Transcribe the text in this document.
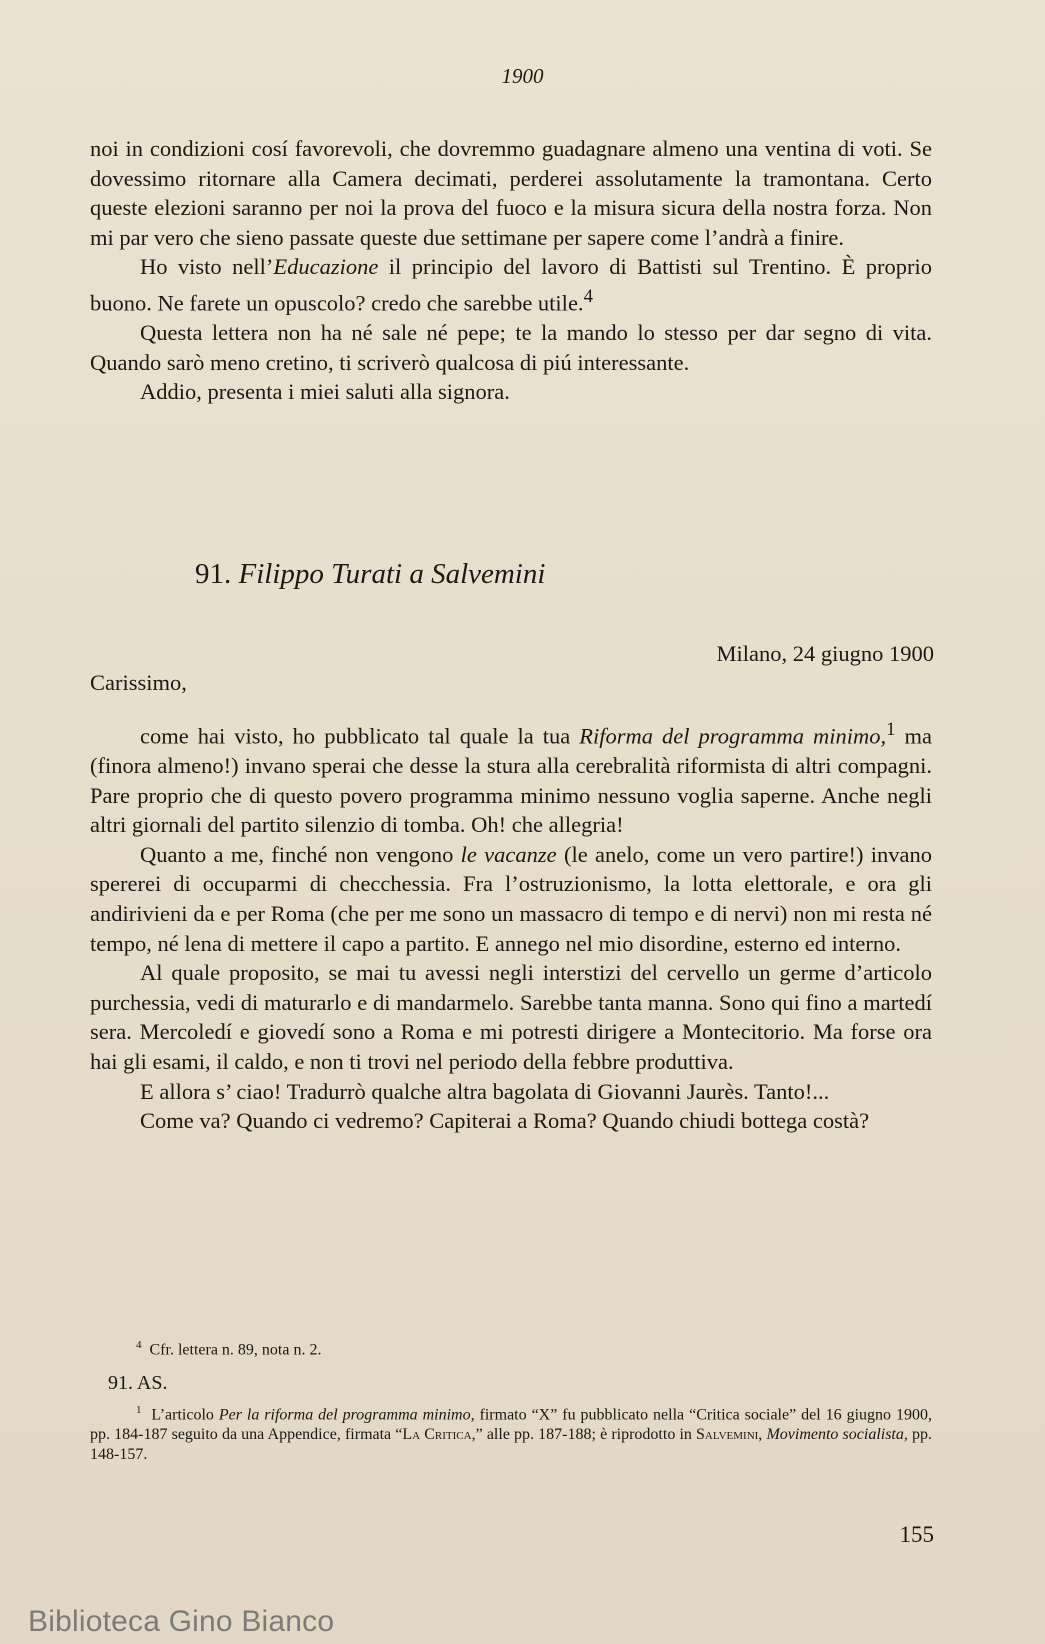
1900

noi in condizioni cosí favorevoli, che dovremmo guadagnare almeno una ventina di voti. Se dovessimo ritornare alla Camera decimati, perderei assolutamente la tramontana. Certo queste elezioni saranno per noi la prova del fuoco e la misura sicura della nostra forza. Non mi par vero che sieno passate queste due settimane per sapere come l’andrà a finire.

Ho visto nell’Educazione il principio del lavoro di Battisti sul Trentino. È proprio buono. Ne farete un opuscolo? credo che sarebbe utile.$^4$

Questa lettera non ha né sale né pepe; te la mando lo stesso per dar segno di vita. Quando sarò meno cretino, ti scriverò qualcosa di piú interessante.

Addio, presenta i miei saluti alla signora.

91. Filippo Turati a Salvemini
Milano, 24 giugno 1900
Carissimo,

come hai visto, ho pubblicato tal quale la tua Riforma del programma minimo,$^1$ ma (finora almeno!) invano sperai che desse la stura alla cerebralità riformista di altri compagni. Pare proprio che di questo povero programma minimo nessuno voglia saperne. Anche negli altri giornali del partito silenzio di tomba. Oh! che allegria!

Quanto a me, finché non vengono le vacanze (le anelo, come un vero partire!) invano spererei di occuparmi di checchessia. Fra l’ostruzionismo, la lotta elettorale, e ora gli andirivieni da e per Roma (che per me sono un massacro di tempo e di nervi) non mi resta né tempo, né lena di mettere il capo a partito. E annego nel mio disordine, esterno ed interno.

Al quale proposito, se mai tu avessi negli interstizi del cervello un germe d’articolo purchessia, vedi di maturarlo e di mandarmelo. Sarebbe tanta manna. Sono qui fino a martedí sera. Mercoledí e giovedí sono a Roma e mi potresti dirigere a Montecitorio. Ma forse ora hai gli esami, il caldo, e non ti trovi nel periodo della febbre produttiva.

E allora s’ ciao! Tradurrò qualche altra bagolata di Giovanni Jaurès. Tanto!...

Come va? Quando ci vedremo? Capiterai a Roma? Quando chiudi bottega costà?

$^4$ Cfr. lettera n. 89, nota n. 2.
91. AS.

$^1$ L’articolo Per la riforma del programma minimo, firmato “X” fu pubblicato nella “Critica sociale” del 16 giugno 1900, pp. 184-187 seguito da una Appendice, firmata “La Critica,” alle pp. 187-188; è riprodotto in Salvemini, Movimento socialista, pp. 148-157.

155
Biblioteca Gino Bianco
